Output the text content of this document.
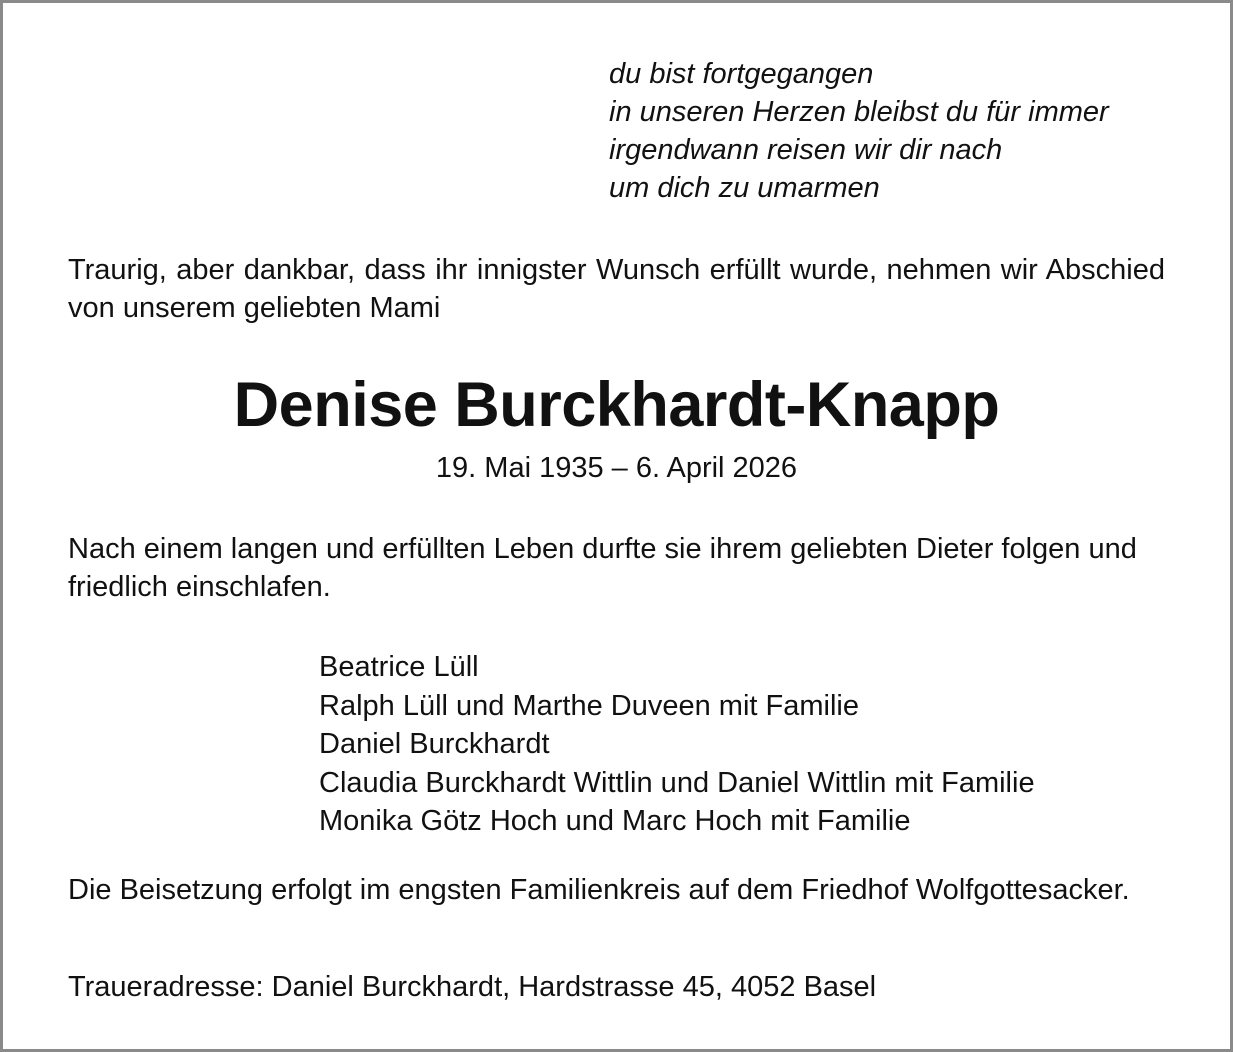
du bist fortgegangen
in unseren Herzen bleibst du für immer
irgendwann reisen wir dir nach
um dich zu umarmen
Traurig, aber dankbar, dass ihr innigster Wunsch erfüllt wurde, nehmen wir Abschied von unserem geliebten Mami
Denise Burckhardt-Knapp
19. Mai 1935 – 6. April 2026
Nach einem langen und erfüllten Leben durfte sie ihrem geliebten Dieter folgen und friedlich einschlafen.
Beatrice Lüll
Ralph Lüll und Marthe Duveen mit Familie
Daniel Burckhardt
Claudia Burckhardt Wittlin und Daniel Wittlin mit Familie
Monika Götz Hoch und Marc Hoch mit Familie
Die Beisetzung erfolgt im engsten Familienkreis auf dem Friedhof Wolfgottesacker.
Traueradresse: Daniel Burckhardt, Hardstrasse 45, 4052 Basel
